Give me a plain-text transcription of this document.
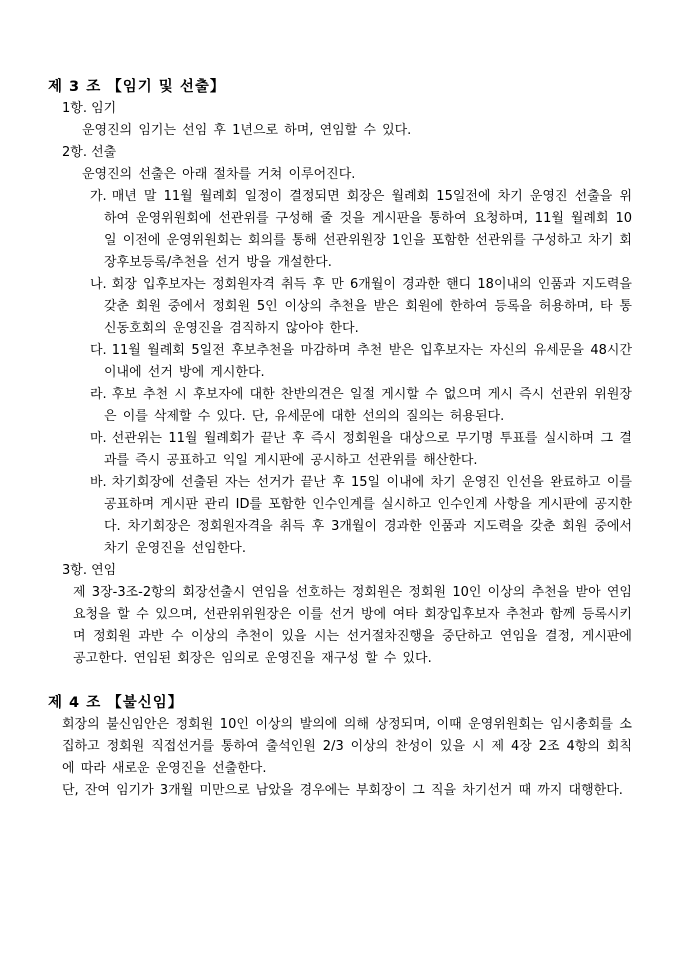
제 3 조 【임기 및 선출】
1항. 임기
운영진의 임기는 선임 후 1년으로 하며, 연임할 수 있다.
2항. 선출
운영진의 선출은 아래 절차를 거쳐 이루어진다.
가. 매년 말 11월 월례회 일정이 결정되면 회장은 월례회 15일전에 차기 운영진 선출을 위하여 운영위원회에 선관위를 구성해 줄 것을 게시판을 통하여 요청하며, 11월 월례회 10일 이전에 운영위원회는 회의를 통해 선관위원장 1인을 포함한 선관위를 구성하고 차기 회장후보등록/추천을 선거 방을 개설한다.
나. 회장 입후보자는 정회원자격 취득 후 만 6개월이 경과한 핸디 18이내의 인품과 지도력을 갖춘 회원 중에서 정회원 5인 이상의 추천을 받은 회원에 한하여 등록을 허용하며, 타 통신동호회의 운영진을 겸직하지 않아야 한다.
다. 11월 월례회 5일전 후보추천을 마감하며 추천 받은 입후보자는 자신의 유세문을 48시간 이내에 선거 방에 게시한다.
라. 후보 추천 시 후보자에 대한 찬반의견은 일절 게시할 수 없으며 게시 즉시 선관위 위원장은 이를 삭제할 수 있다. 단, 유세문에 대한 선의의 질의는 허용된다.
마. 선관위는 11월 월례회가 끝난 후 즉시 정회원을 대상으로 무기명 투표를 실시하며 그 결과를 즉시 공표하고 익일 게시판에 공시하고 선관위를 해산한다.
바. 차기회장에 선출된 자는 선거가 끝난 후 15일 이내에 차기 운영진 인선을 완료하고 이를 공표하며 게시판 관리 ID를 포함한 인수인계를 실시하고 인수인계 사항을 게시판에 공지한다. 차기회장은 정회원자격을 취득 후 3개월이 경과한 인품과 지도력을 갖춘 회원 중에서 차기 운영진을 선임한다.
3항. 연임
제 3장-3조-2항의 회장선출시 연임을 선호하는 정회원은 정회원 10인 이상의 추천을 받아 연임 요청을 할 수 있으며, 선관위위원장은 이를 선거 방에 여타 회장입후보자 추천과 함께 등록시키며 정회원 과반 수 이상의 추천이 있을 시는 선거절차진행을 중단하고 연임을 결정, 게시판에 공고한다. 연임된 회장은 임의로 운영진을 재구성 할 수 있다.
제 4 조 【불신임】
회장의 불신임안은 정회원 10인 이상의 발의에 의해 상정되며, 이때 운영위원회는 임시총회를 소집하고 정회원 직접선거를 통하여 출석인원 2/3 이상의 찬성이 있을 시 제 4장 2조 4항의 회칙에 따라 새로운 운영진을 선출한다.
단, 잔여 임기가 3개월 미만으로 남았을 경우에는 부회장이 그 직을 차기선거 때 까지 대행한다.
